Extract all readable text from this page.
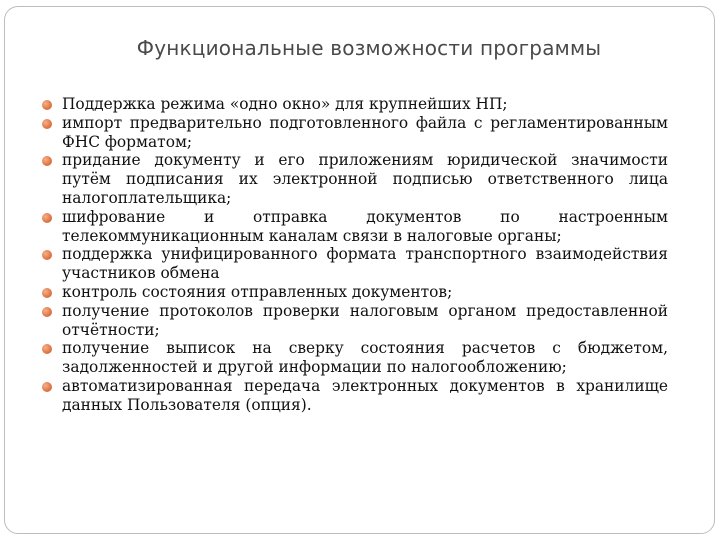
Функциональные возможности программы
Поддержка режима «одно окно» для крупнейших НП;
импорт предварительно подготовленного файла с регламентированным ФНС форматом;
придание документу и его приложениям юридической значимости путём подписания их электронной подписью ответственного лица налогоплательщика;
шифрование и отправка документов по настроенным телекоммуникационным каналам связи в налоговые органы;
поддержка унифицированного формата транспортного взаимодействия участников обмена
контроль состояния отправленных документов;
получение протоколов проверки налоговым органом предоставленной отчётности;
получение выписок на сверку состояния расчетов с бюджетом, задолженностей и другой информации по налогообложению;
автоматизированная передача электронных документов в хранилище данных Пользователя (опция).
